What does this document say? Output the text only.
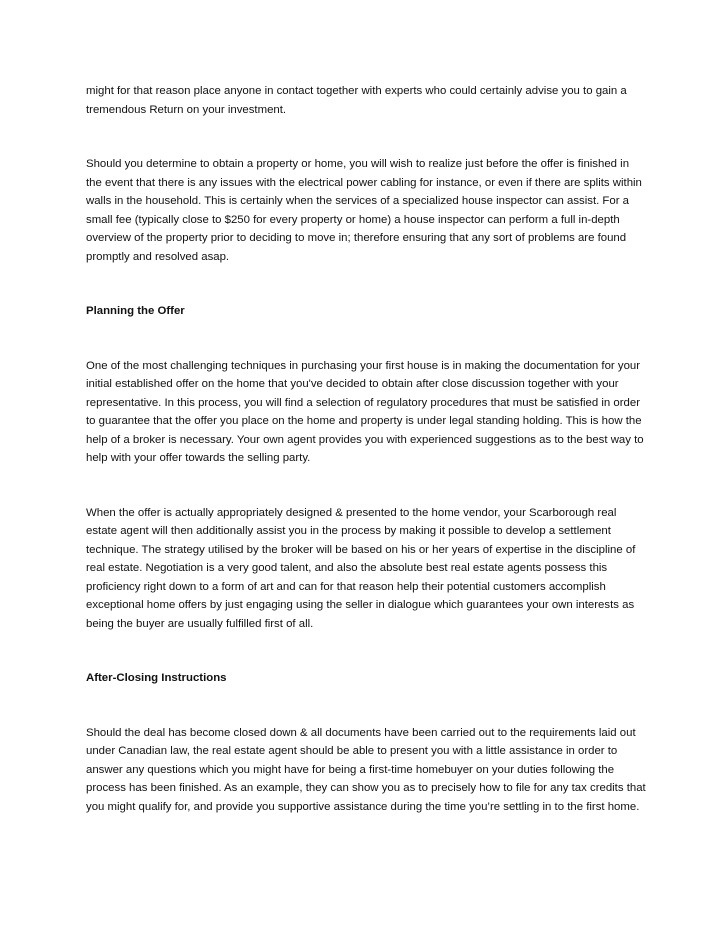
might for that reason place anyone in contact together with experts who could certainly advise you to gain a tremendous Return on your investment.

Should you determine to obtain a property or home, you will wish to realize just before the offer is finished in the event that there is any issues with the electrical power cabling for instance, or even if there are splits within walls in the household. This is certainly when the services of a specialized house inspector can assist. For a small fee (typically close to $250 for every property or home) a house inspector can perform a full in-depth overview of the property prior to deciding to move in; therefore ensuring that any sort of problems are found promptly and resolved asap.

Planning the Offer

One of the most challenging techniques in purchasing your first house is in making the documentation for your initial established offer on the home that you've decided to obtain after close discussion together with your representative. In this process, you will find a selection of regulatory procedures that must be satisfied in order to guarantee that the offer you place on the home and property is under legal standing holding. This is how the help of a broker is necessary. Your own agent provides you with experienced suggestions as to the best way to help with your offer towards the selling party.

When the offer is actually appropriately designed & presented to the home vendor, your Scarborough real estate agent will then additionally assist you in the process by making it possible to develop a settlement technique. The strategy utilised by the broker will be based on his or her years of expertise in the discipline of real estate. Negotiation is a very good talent, and also the absolute best real estate agents possess this proficiency right down to a form of art and can for that reason help their potential customers accomplish exceptional home offers by just engaging using the seller in dialogue which guarantees your own interests as being the buyer are usually fulfilled first of all.

After-Closing Instructions

Should the deal has become closed down & all documents have been carried out to the requirements laid out under Canadian law, the real estate agent should be able to present you with a little assistance in order to answer any questions which you might have for being a first-time homebuyer on your duties following the process has been finished. As an example, they can show you as to precisely how to file for any tax credits that you might qualify for, and provide you supportive assistance during the time you’re settling in to the first home.
